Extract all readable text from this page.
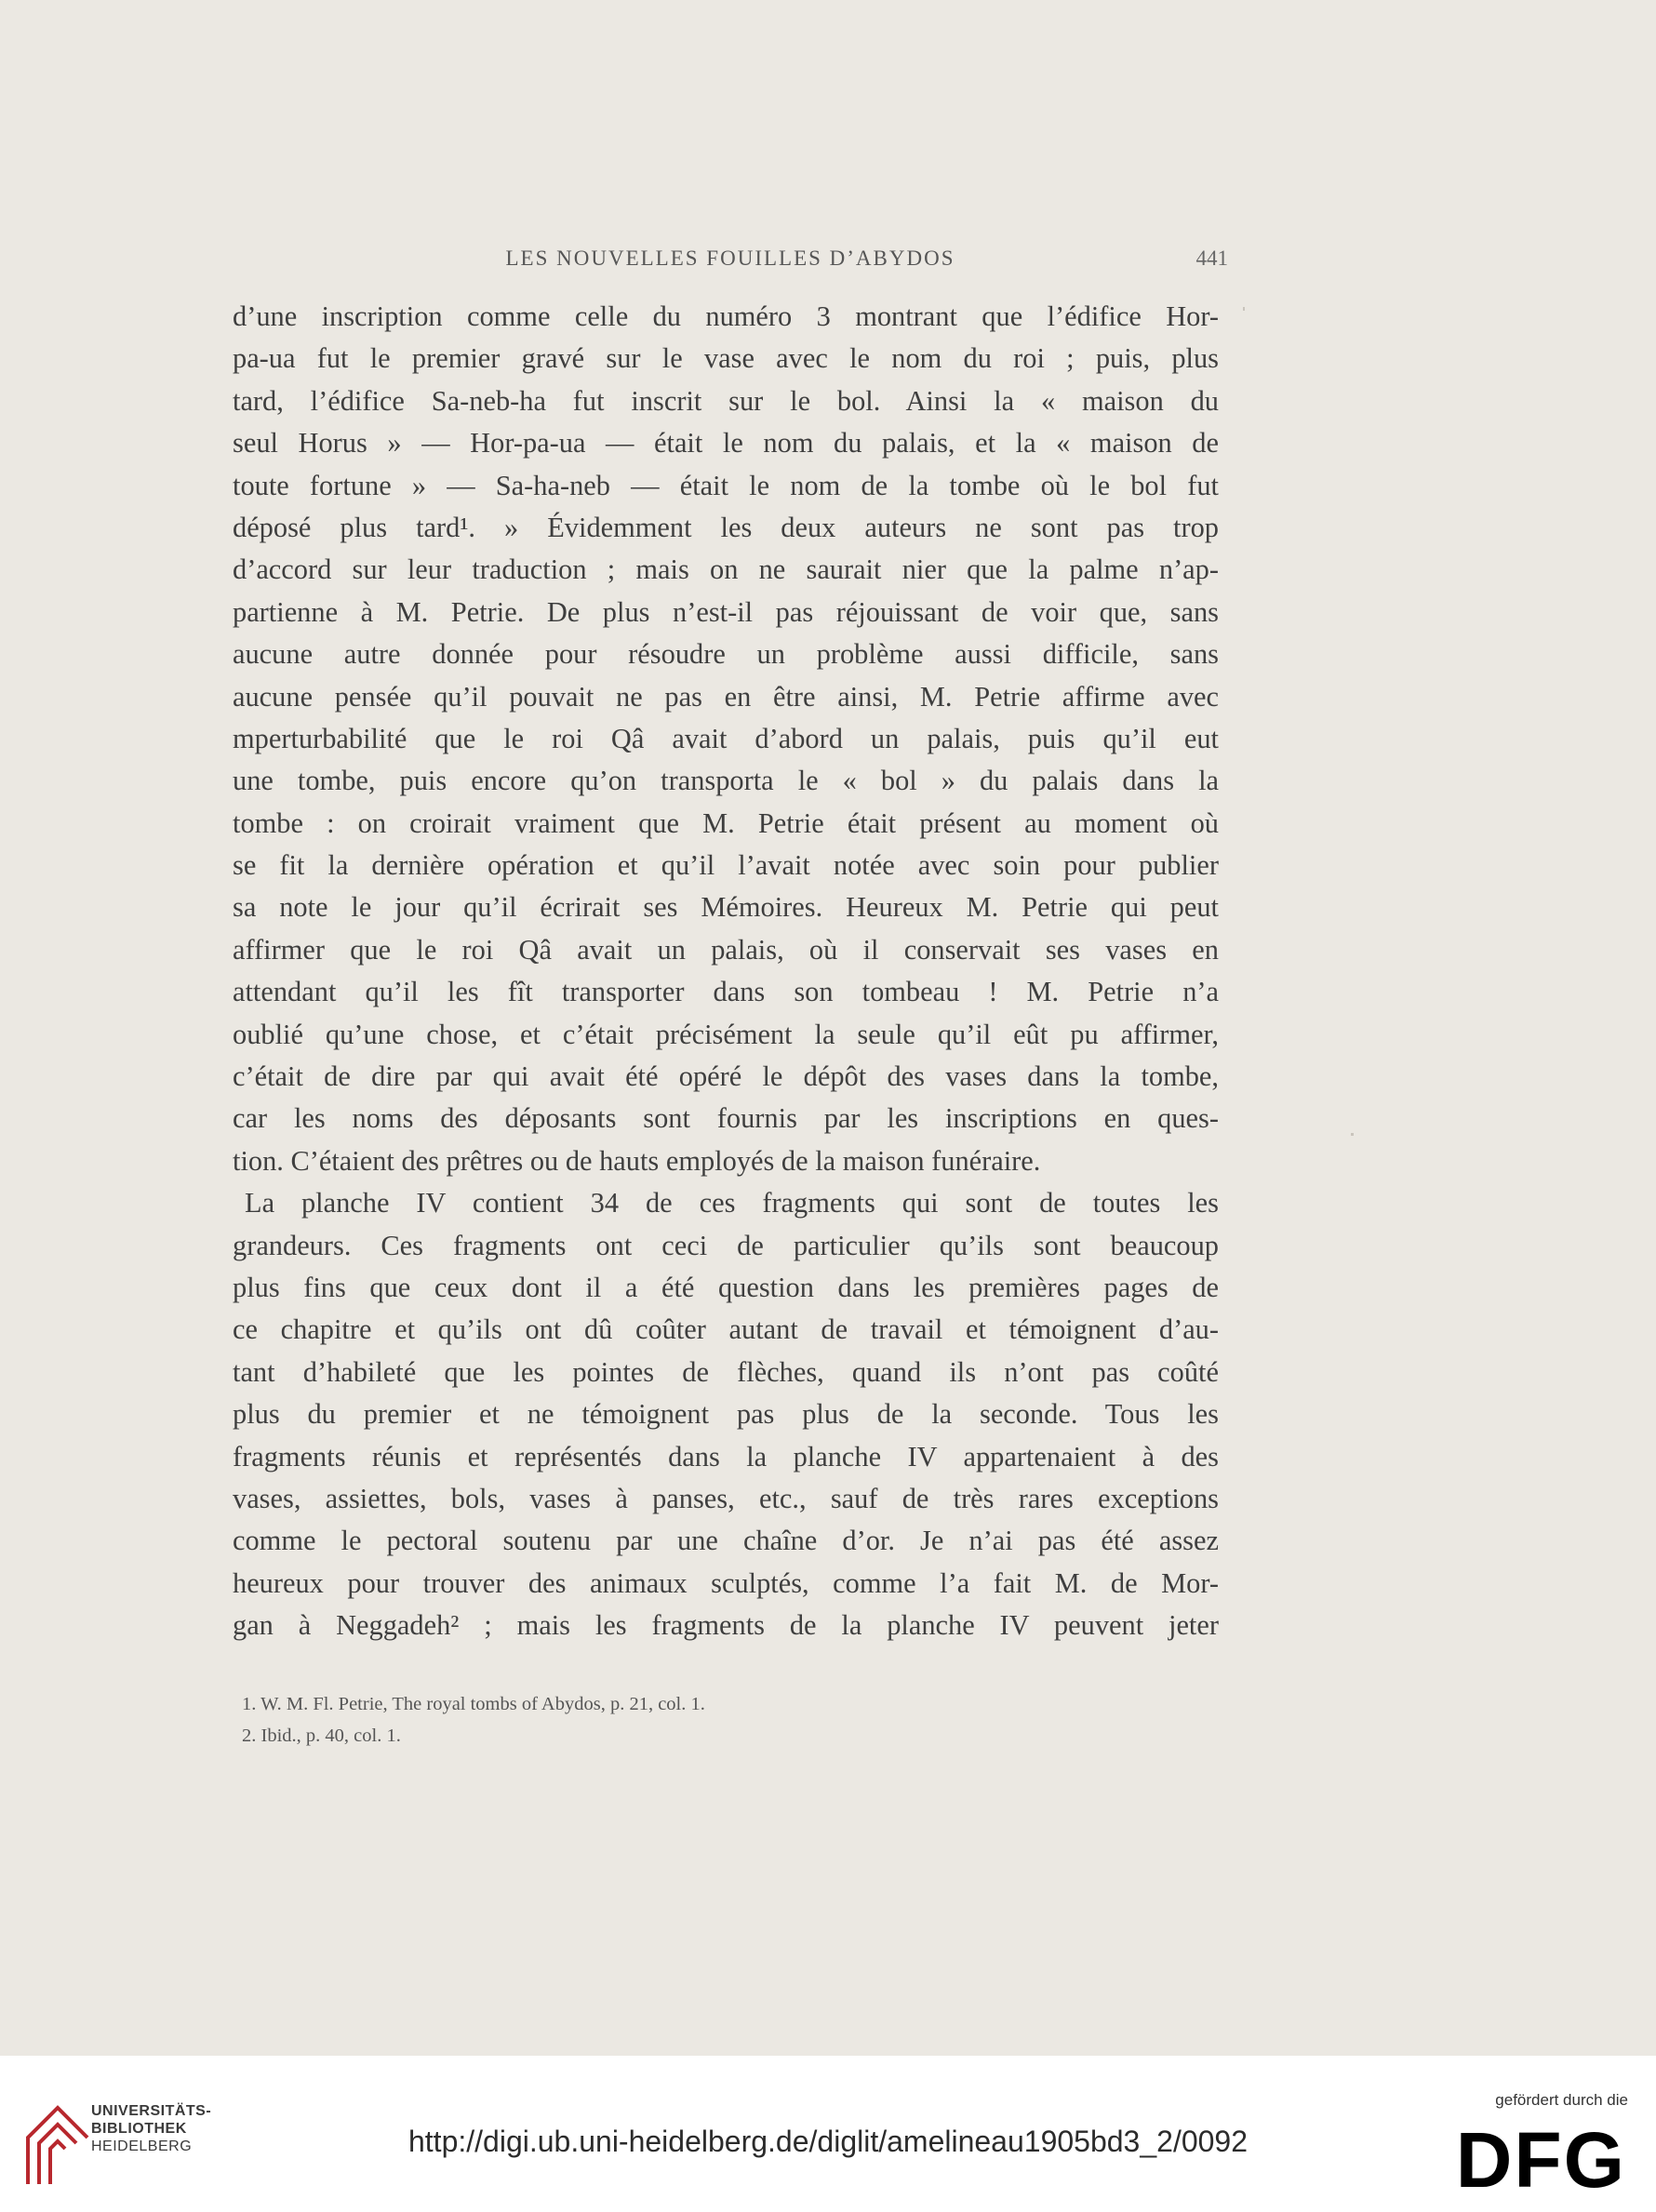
LES NOUVELLES FOUILLES D’ABYDOS	441
d’une inscription comme celle du numéro 3 montrant que l’édifice Hor-
pa-ua fut le premier gravé sur le vase avec le nom du roi ; puis, plus
tard, l’édifice Sa-neb-ha fut inscrit sur le bol. Ainsi la « maison du
seul Horus » — Hor-pa-ua — était le nom du palais, et la « maison de
toute fortune » — Sa-ha-neb — était le nom de la tombe où le bol fut
déposé plus tard¹. » Évidemment les deux auteurs ne sont pas trop
d’accord sur leur traduction ; mais on ne saurait nier que la palme n’ap-
partienne à M. Petrie. De plus n’est-il pas réjouissant de voir que, sans
aucune autre donnée pour résoudre un problème aussi difficile, sans
aucune pensée qu’il pouvait ne pas en être ainsi, M. Petrie affirme avec
mperturbabilité que le roi Qâ avait d’abord un palais, puis qu’il eut
une tombe, puis encore qu’on transporta le « bol » du palais dans la
tombe : on croirait vraiment que M. Petrie était présent au moment où
se fit la dernière opération et qu’il l’avait notée avec soin pour publier
sa note le jour qu’il écrirait ses Mémoires. Heureux M. Petrie qui peut
affirmer que le roi Qâ avait un palais, où il conservait ses vases en
attendant qu’il les fît transporter dans son tombeau ! M. Petrie n’a
oublié qu’une chose, et c’était précisément la seule qu’il eût pu affirmer,
c’était de dire par qui avait été opéré le dépôt des vases dans la tombe,
car les noms des déposants sont fournis par les inscriptions en ques-
tion. C’étaient des prêtres ou de hauts employés de la maison funéraire.
La planche IV contient 34 de ces fragments qui sont de toutes les
grandeurs. Ces fragments ont ceci de particulier qu’ils sont beaucoup
plus fins que ceux dont il a été question dans les premières pages de
ce chapitre et qu’ils ont dû coûter autant de travail et témoignent d’au-
tant d’habileté que les pointes de flèches, quand ils n’ont pas coûté
plus du premier et ne témoignent pas plus de la seconde. Tous les
fragments réunis et représentés dans la planche IV appartenaient à des
vases, assiettes, bols, vases à panses, etc., sauf de très rares exceptions
comme le pectoral soutenu par une chaîne d’or. Je n’ai pas été assez
heureux pour trouver des animaux sculptés, comme l’a fait M. de Mor-
gan à Neggadeh² ; mais les fragments de la planche IV peuvent jeter
1. W. M. Fl. Petrie, The royal tombs of Abydos, p. 21, col. 1.
2. Ibid., p. 40, col. 1.
UNIVERSITÄTS-
BIBLIOTHEK
HEIDELBERG	http://digi.ub.uni-heidelberg.de/diglit/amelineau1905bd3_2/0092
gefördert durch die
DFG
